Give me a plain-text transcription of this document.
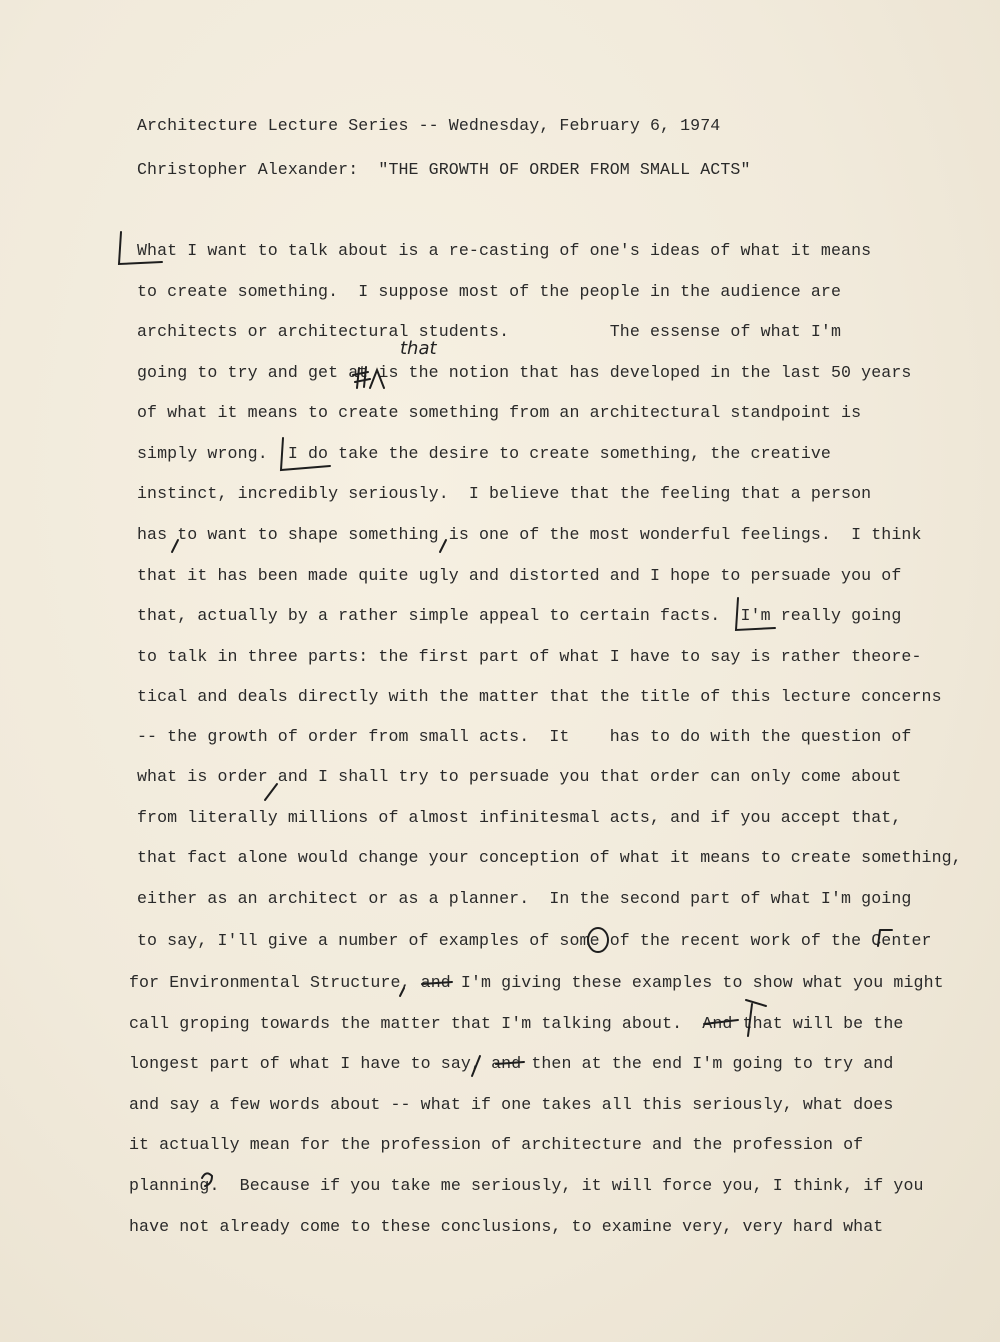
Architecture Lecture Series -- Wednesday, February 6, 1974
Christopher Alexander:  "THE GROWTH OF ORDER FROM SMALL ACTS"
What I want to talk about is a re-casting of one's ideas of what it means
to create something.  I suppose most of the people in the audience are
architects or architectural students.          The essense of what I'm
going to try and get at is the notion that has developed in the last 50 years
of what it means to create something from an architectural standpoint is
simply wrong.  I do take the desire to create something, the creative
instinct, incredibly seriously.  I believe that the feeling that a person
has to want to shape something is one of the most wonderful feelings.  I think
that it has been made quite ugly and distorted and I hope to persuade you of
that, actually by a rather simple appeal to certain facts.  I'm really going
to talk in three parts: the first part of what I have to say is rather theore-
tical and deals directly with the matter that the title of this lecture concerns
-- the growth of order from small acts.  It    has to do with the question of
what is order and I shall try to persuade you that order can only come about
from literally millions of almost infinitesmal acts, and if you accept that,
that fact alone would change your conception of what it means to create something,
either as an architect or as a planner.  In the second part of what I'm going
to say, I'll give a number of examples of some of the recent work of the Center
for Environmental Structure, and I'm giving these examples to show what you might
call groping towards the matter that I'm talking about.  And that will be the
longest part of what I have to say, and then at the end I'm going to try and
and say a few words about -- what if one takes all this seriously, what does
it actually mean for the profession of architecture and the profession of
planning.  Because if you take me seriously, it will force you, I think, if you
have not already come to these conclusions, to examine very, very hard what
that
